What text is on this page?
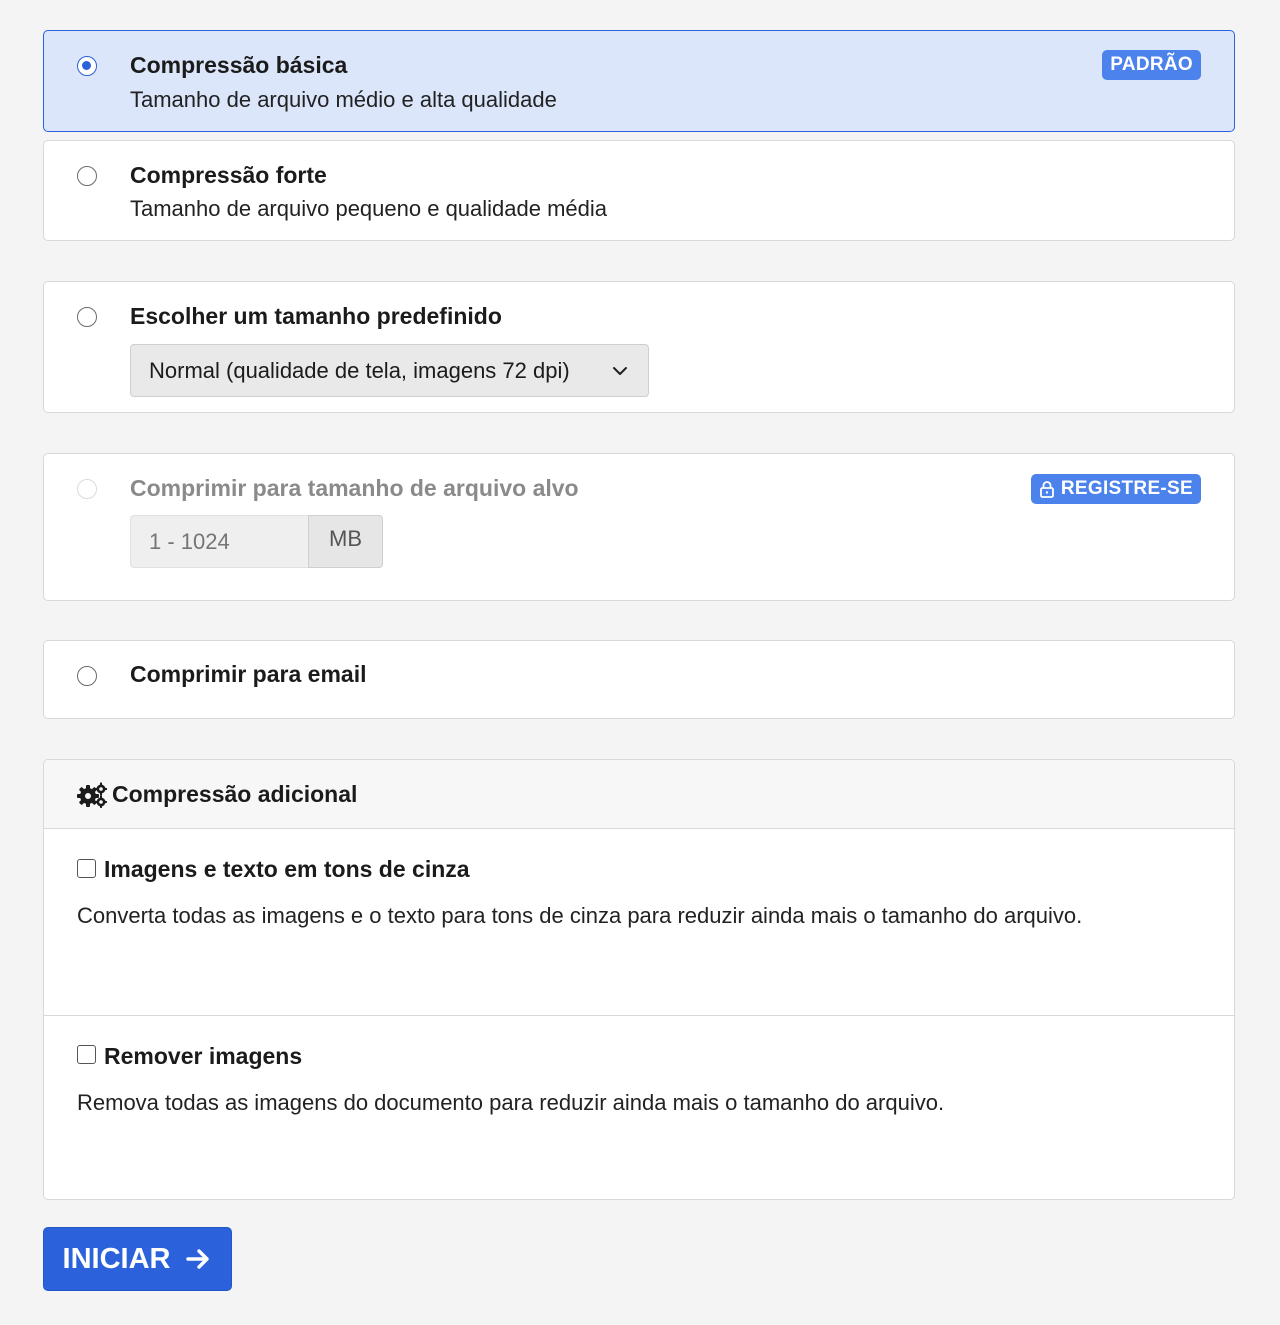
Compressão básica
Tamanho de arquivo médio e alta qualidade
PADRÃO
Compressão forte
Tamanho de arquivo pequeno e qualidade média
Escolher um tamanho predefinido
Normal (qualidade de tela, imagens 72 dpi)
Comprimir para tamanho de arquivo alvo	REGISTRE-SE
1 - 1024
MB
Comprimir para email
Compressão adicional
Imagens e texto em tons de cinza
Converta todas as imagens e o texto para tons de cinza para reduzir ainda mais o tamanho do arquivo.
Remover imagens
Remova todas as imagens do documento para reduzir ainda mais o tamanho do arquivo.
INICIAR
